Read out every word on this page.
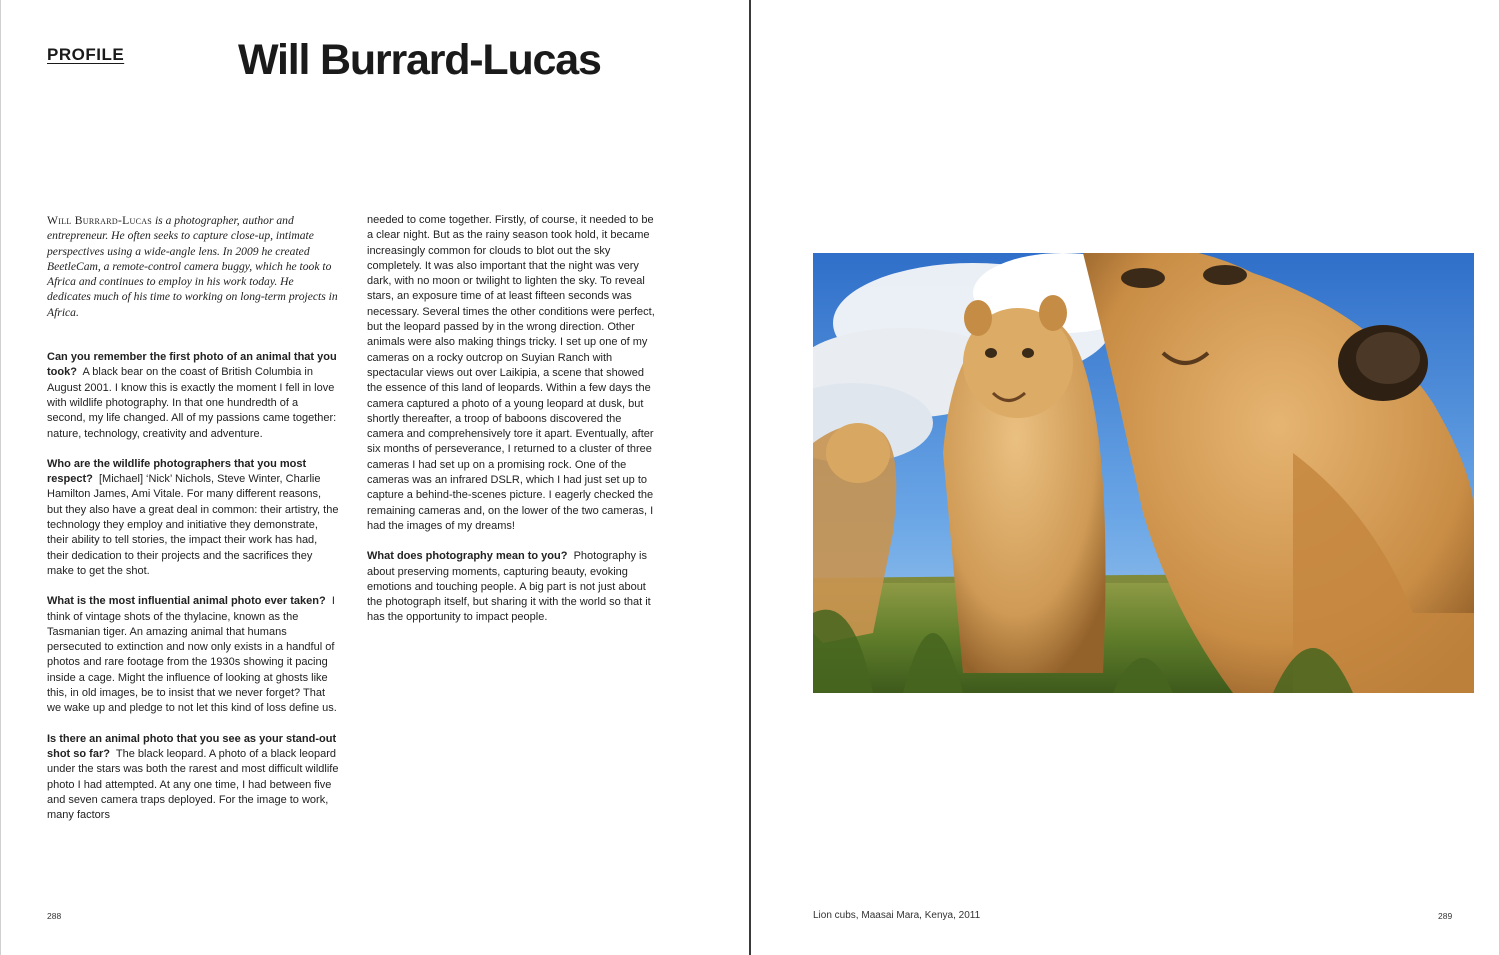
PROFILE	Will Burrard-Lucas

Will Burrard-Lucas is a photographer, author and entrepreneur. He often seeks to capture close-up, intimate perspectives using a wide-angle lens. In 2009 he created BeetleCam, a remote-control camera buggy, which he took to Africa and continues to employ in his work today. He dedicates much of his time to working on long-term projects in Africa.

Can you remember the first photo of an animal that you took? A black bear on the coast of British Columbia in August 2001. I know this is exactly the moment I fell in love with wildlife photography. In that one hundredth of a second, my life changed. All of my passions came together: nature, technology, creativity and adventure.

Who are the wildlife photographers that you most respect? [Michael] ‘Nick’ Nichols, Steve Winter, Charlie Hamilton James, Ami Vitale. For many different reasons, but they also have a great deal in common: their artistry, the technology they employ and initiative they demonstrate, their ability to tell stories, the impact their work has had, their dedication to their projects and the sacrifices they make to get the shot.

What is the most influential animal photo ever taken? I think of vintage shots of the thylacine, known as the Tasmanian tiger. An amazing animal that humans persecuted to extinction and now only exists in a handful of photos and rare footage from the 1930s showing it pacing inside a cage. Might the influence of looking at ghosts like this, in old images, be to insist that we never forget? That we wake up and pledge to not let this kind of loss define us.

Is there an animal photo that you see as your stand-out shot so far? The black leopard. A photo of a black leopard under the stars was both the rarest and most difficult wildlife photo I had attempted. At any one time, I had between five and seven camera traps deployed. For the image to work, many factors

needed to come together. Firstly, of course, it needed to be a clear night. But as the rainy season took hold, it became increasingly common for clouds to blot out the sky completely. It was also important that the night was very dark, with no moon or twilight to lighten the sky. To reveal stars, an exposure time of at least fifteen seconds was necessary. Several times the other conditions were perfect, but the leopard passed by in the wrong direction. Other animals were also making things tricky. I set up one of my cameras on a rocky outcrop on Suyian Ranch with spectacular views out over Laikipia, a scene that showed the essence of this land of leopards. Within a few days the camera captured a photo of a young leopard at dusk, but shortly thereafter, a troop of baboons discovered the camera and comprehensively tore it apart. Eventually, after six months of perseverance, I returned to a cluster of three cameras I had set up on a promising rock. One of the cameras was an infrared DSLR, which I had just set up to capture a behind-the-scenes picture. I eagerly checked the remaining cameras and, on the lower of the two cameras, I had the images of my dreams!

What does photography mean to you? Photography is about preserving moments, capturing beauty, evoking emotions and touching people. A big part is not just about the photograph itself, but sharing it with the world so that it has the opportunity to impact people.

288	Lion cubs, Maasai Mara, Kenya, 2011	289
